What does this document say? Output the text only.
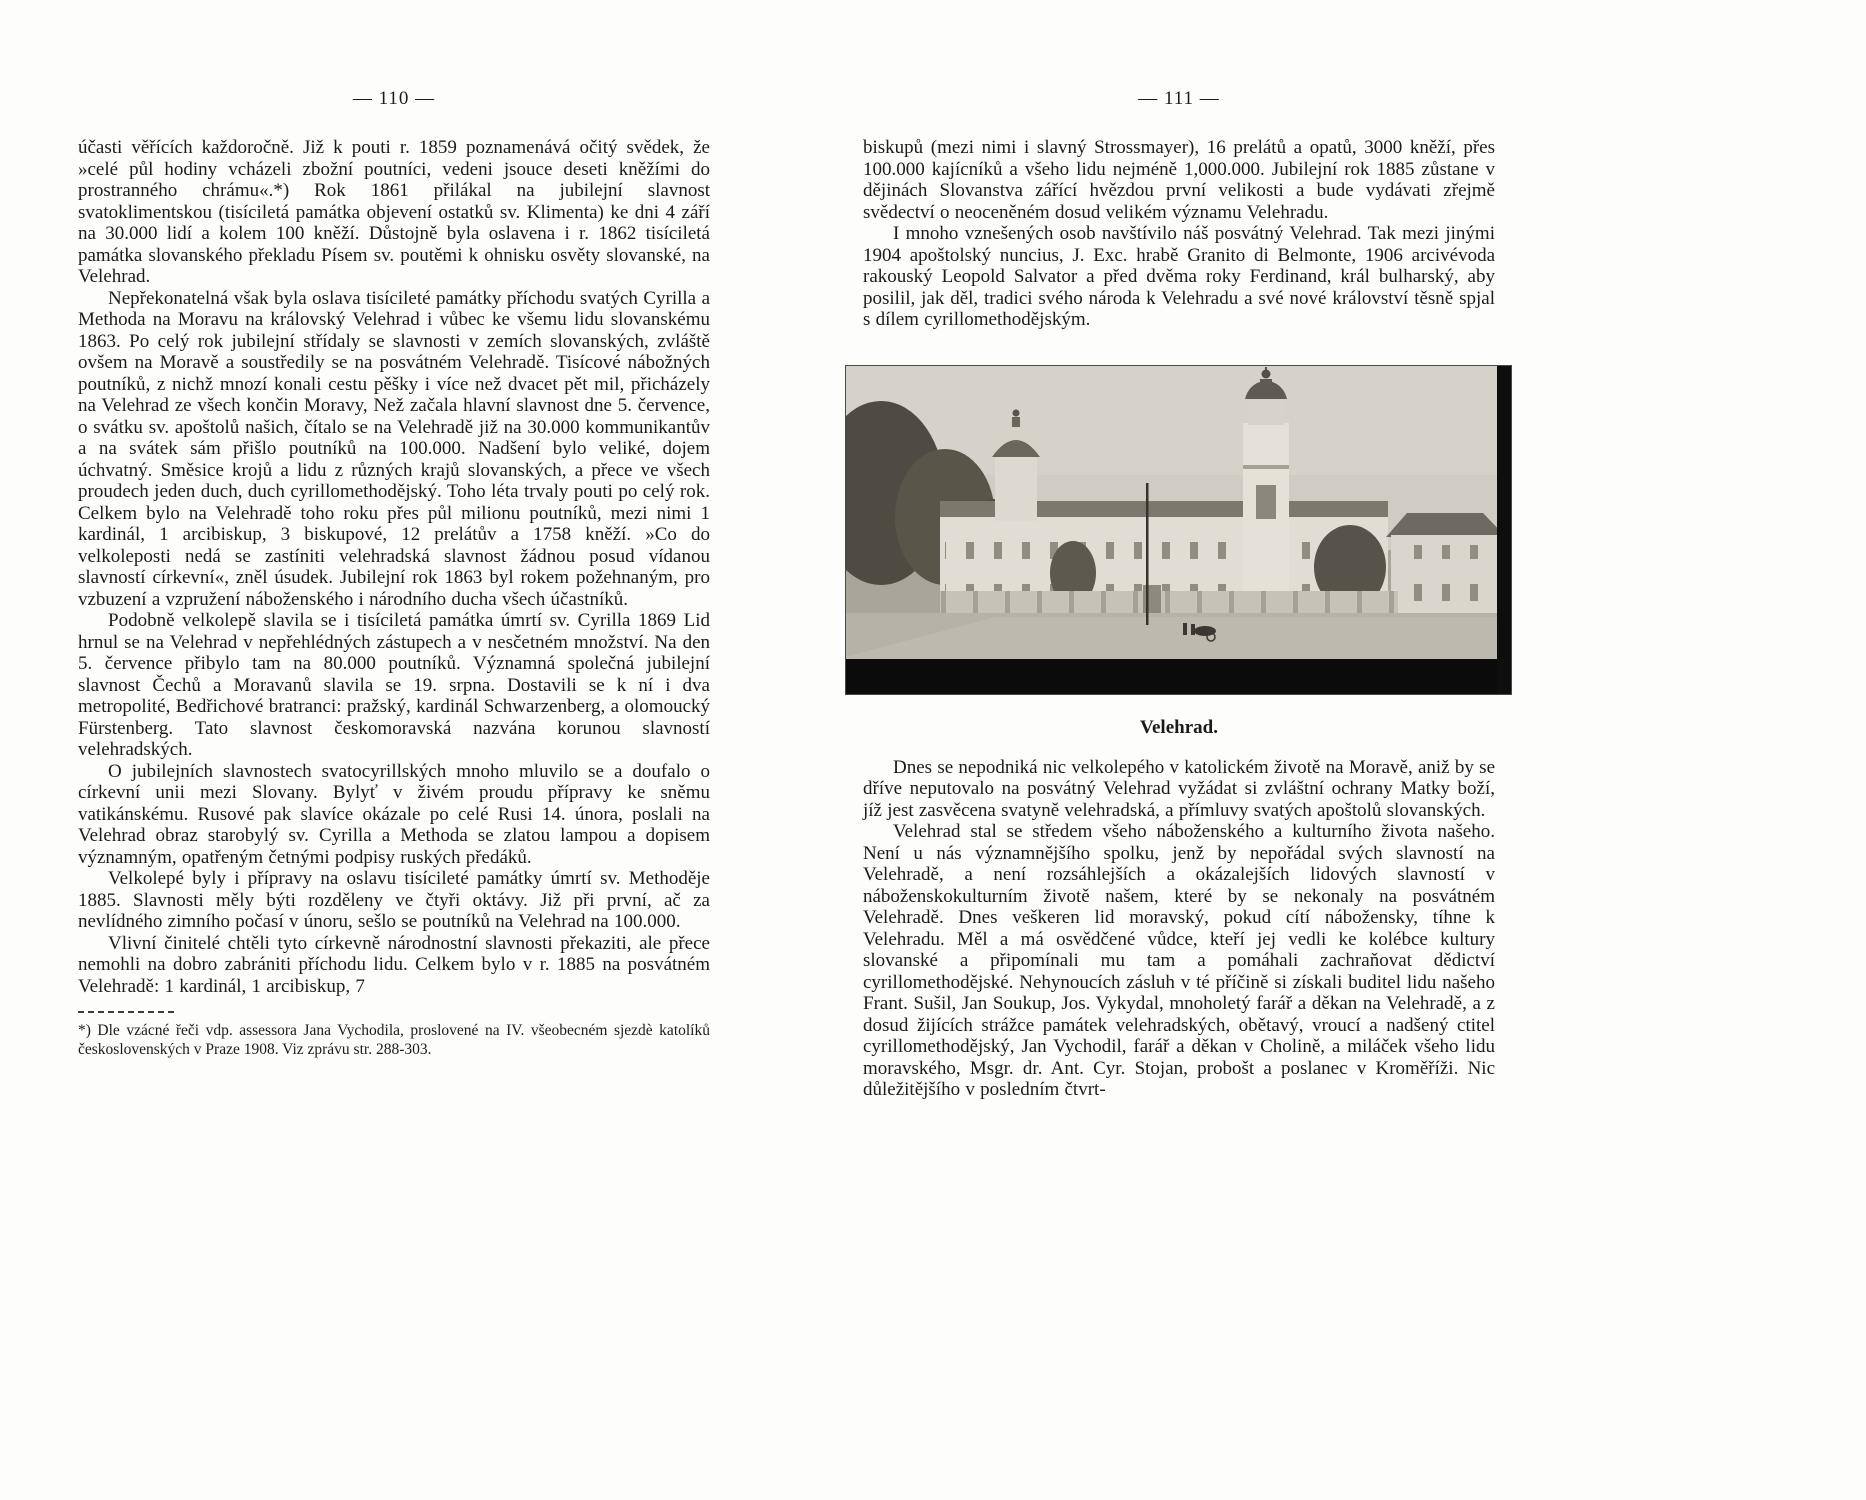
— 110 —

účasti věřících každoročně. Již k pouti r. 1859 poznamenává očitý svědek, že »celé půl hodiny vcházeli zbožní poutníci, vedeni jsouce deseti kněžími do prostranného chrámu«.*) Rok 1861 přilákal na jubilejní slavnost svatoklimentskou (tisíciletá památka objevení ostatků sv. Klimenta) ke dni 4 září na 30.000 lidí a kolem 100 kněží. Důstojně byla oslavena i r. 1862 tisíciletá památka slovanského překladu Písem sv. poutěmi k ohnisku osvěty slovanské, na Velehrad.

Nepřekonatelná však byla oslava tisícileté památky příchodu svatých Cyrilla a Methoda na Moravu na královský Velehrad i vůbec ke všemu lidu slovanskému 1863. Po celý rok jubilejní střídaly se slavnosti v zemích slovanských, zvláště ovšem na Moravě a soustředily se na posvátném Velehradě. Tisícové nábožných poutníků, z nichž mnozí konali cestu pěšky i více než dvacet pět mil, přicházely na Velehrad ze všech končin Moravy, Než začala hlavní slavnost dne 5. července, o svátku sv. apoštolů našich, čítalo se na Velehradě již na 30.000 kommunikantův a na svátek sám přišlo poutníků na 100.000. Nadšení bylo veliké, dojem úchvatný. Směsice krojů a lidu z různých krajů slovanských, a přece ve všech proudech jeden duch, duch cyrillomethodějský. Toho léta trvaly pouti po celý rok. Celkem bylo na Velehradě toho roku přes půl milionu poutníků, mezi nimi 1 kardinál, 1 arcibiskup, 3 biskupové, 12 prelátův a 1758 kněží. »Co do velkoleposti nedá se zastíniti velehradská slavnost žádnou posud vídanou slavností církevní«, zněl úsudek. Jubilejní rok 1863 byl rokem požehnaným, pro vzbuzení a vzpružení náboženského i národního ducha všech účastníků.

Podobně velkolepě slavila se i tisíciletá památka úmrtí sv. Cyrilla 1869 Lid hrnul se na Velehrad v nepřehlédných zástupech a v nesčetném množství. Na den 5. července přibylo tam na 80.000 poutníků. Významná společná jubilejní slavnost Čechů a Moravanů slavila se 19. srpna. Dostavili se k ní i dva metropolité, Bedřichové bratranci: pražský, kardinál Schwarzenberg, a olomoucký Fürstenberg. Tato slavnost českomoravská nazvána korunou slavností velehradských.

O jubilejních slavnostech svatocyrillských mnoho mluvilo se a doufalo o církevní unii mezi Slovany. Bylyť v živém proudu přípravy ke sněmu vatikánskému. Rusové pak slavíce okázale po celé Rusi 14. února, poslali na Velehrad obraz starobylý sv. Cyrilla a Methoda se zlatou lampou a dopisem významným, opatřeným četnými podpisy ruských předáků.

Velkolepé byly i přípravy na oslavu tisícileté památky úmrtí sv. Methoděje 1885. Slavnosti měly býti rozděleny ve čtyři oktávy. Již při první, ač za nevlídného zimního počasí v únoru, sešlo se poutníků na Velehrad na 100.000.

Vlivní činitelé chtěli tyto církevně národnostní slavnosti překaziti, ale přece nemohli na dobro zabrániti příchodu lidu. Celkem bylo v r. 1885 na posvátném Velehradě: 1 kardinál, 1 arcibiskup, 7

*) Dle vzácné řeči vdp. assessora Jana Vychodila, proslovené na IV. všeobecném sjezdè katolíků československých v Praze 1908. Viz zprávu str. 288-303.

— 111 —

biskupů (mezi nimi i slavný Strossmayer), 16 prelátů a opatů, 3000 kněží, přes 100.000 kajícníků a všeho lidu nejméně 1,000.000. Jubilejní rok 1885 zůstane v dějinách Slovanstva zářící hvězdou první velikosti a bude vydávati zřejmě svědectví o neoceněném dosud velikém významu Velehradu.

I mnoho vznešených osob navštívilo náš posvátný Velehrad. Tak mezi jinými 1904 apoštolský nuncius, J. Exc. hrabě Granito di Belmonte, 1906 arcivévoda rakouský Leopold Salvator a před dvěma roky Ferdinand, král bulharský, aby posilil, jak děl, tradici svého národa k Velehradu a své nové království těsně spjal s dílem cyrillomethodějským.

Velehrad.

Dnes se nepodniká nic velkolepého v katolickém životě na Moravě, aniž by se dříve neputovalo na posvátný Velehrad vyžádat si zvláštní ochrany Matky boží, jíž jest zasvěcena svatyně velehradská, a přímluvy svatých apoštolů slovanských.

Velehrad stal se středem všeho náboženského a kulturního života našeho. Není u nás významnějšího spolku, jenž by nepořádal svých slavností na Velehradě, a není rozsáhlejších a okázalejších lidových slavností v náboženskokulturním životě našem, které by se nekonaly na posvátném Velehradě. Dnes veškeren lid moravský, pokud cítí nábožensky, tíhne k Velehradu. Měl a má osvědčené vůdce, kteří jej vedli ke kolébce kultury slovanské a připomínali mu tam a pomáhali zachraňovat dědictví cyrillomethodějské. Nehynoucích zásluh v té příčině si získali buditel lidu našeho Frant. Sušil, Jan Soukup, Jos. Vykydal, mnoholetý farář a děkan na Velehradě, a z dosud žijících strážce památek velehradských, obětavý, vroucí a nadšený ctitel cyrillomethodějský, Jan Vychodil, farář a děkan v Cholině, a miláček všeho lidu moravského, Msgr. dr. Ant. Cyr. Stojan, probošt a poslanec v Kroměříži. Nic důležitějšího v posledním čtvrt-
